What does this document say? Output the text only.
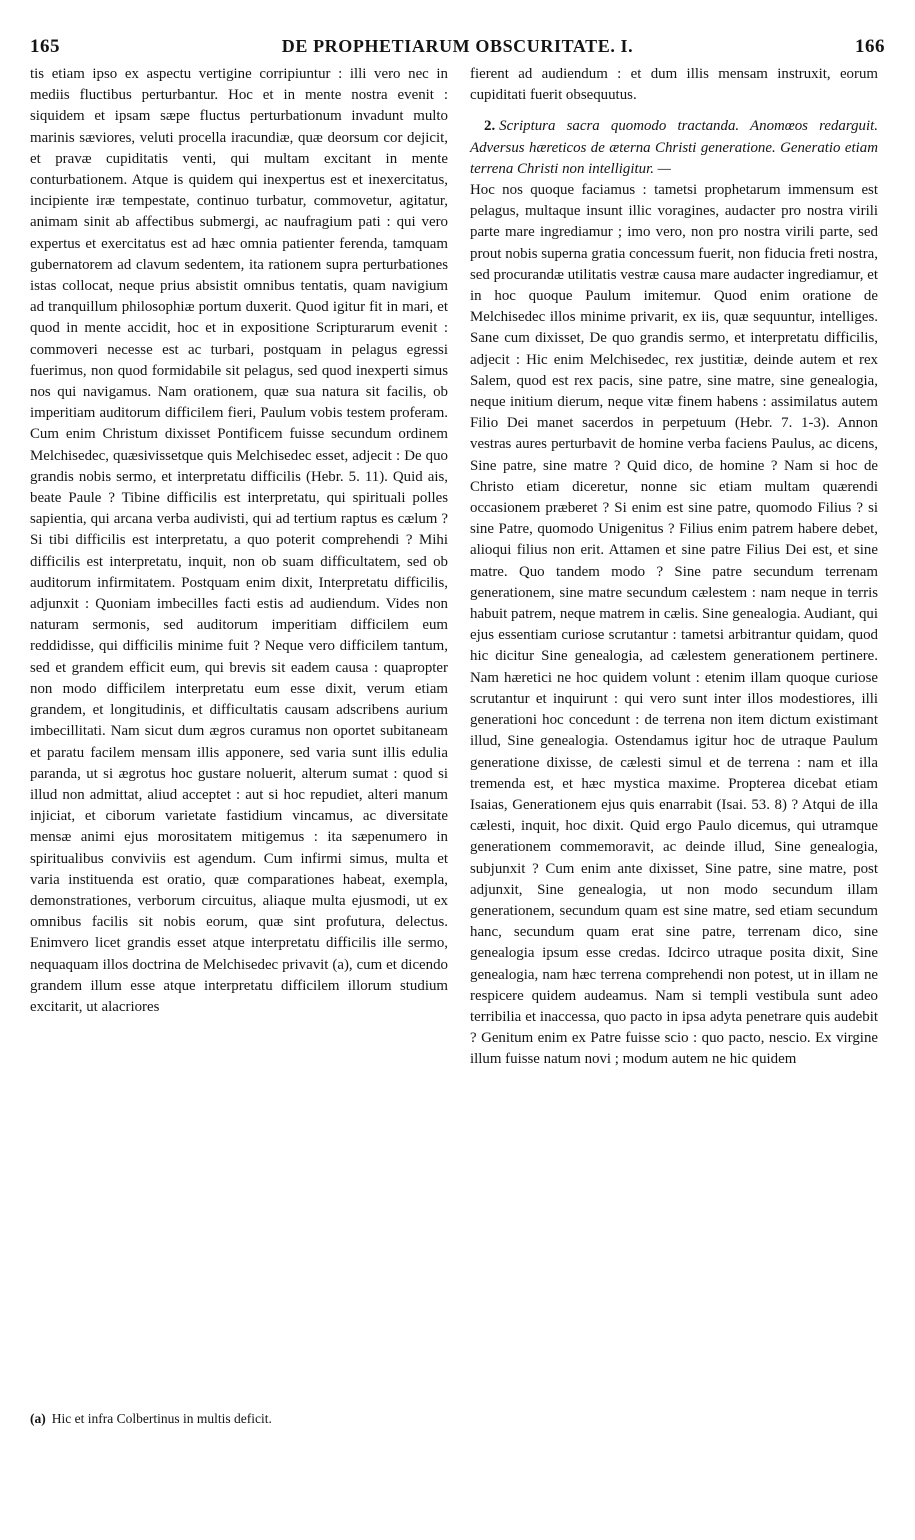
165	DE PROPHETIARUM OBSCURITATE. I.	166

tis etiam ipso ex aspectu vertigine corripiuntur : illi vero nec in mediis fluctibus perturbantur. Hoc et in mente nostra evenit : siquidem et ipsam sæpe fluctus perturbationum invadunt multo marinis sæviores, veluti procella iracundiæ, quæ deorsum cor dejicit, et pravæ cupiditatis venti, qui multam excitant in mente conturbationem. Atque is quidem qui inexpertus est et inexercitatus, incipiente iræ tempestate, continuo turbatur, commovetur, agitatur, animam sinit ab affectibus submergi, ac naufragium pati : qui vero expertus et exercitatus est ad hæc omnia patienter ferenda, tamquam gubernatorem ad clavum sedentem, ita rationem supra perturbationes istas collocat, neque prius absistit omnibus tentatis, quam navigium ad tranquillum philosophiæ portum duxerit. Quod igitur fit in mari, et quod in mente accidit, hoc et in expositione Scripturarum evenit : commoveri necesse est ac turbari, postquam in pelagus egressi fuerimus, non quod formidabile sit pelagus, sed quod inexperti simus nos qui navigamus. Nam orationem, quæ sua natura sit facilis, ob imperitiam auditorum difficilem fieri, Paulum vobis testem proferam. Cum enim Christum dixisset Pontificem fuisse secundum ordinem Melchisedec, quæsivissetque quis Melchisedec esset, adjecit : De quo grandis nobis sermo, et interpretatu difficilis (Hebr. 5. 11). Quid ais, beate Paule ? Tibine difficilis est interpretatu, qui spirituali polles sapientia, qui arcana verba audivisti, qui ad tertium raptus es cælum ? Si tibi difficilis est interpretatu, a quo poterit comprehendi ? Mihi difficilis est interpretatu, inquit, non ob suam difficultatem, sed ob auditorum infirmitatem. Postquam enim dixit, Interpretatu difficilis, adjunxit : Quoniam imbecilles facti estis ad audiendum. Vides non naturam sermonis, sed auditorum imperitiam difficilem eum reddidisse, qui difficilis minime fuit ? Neque vero difficilem tantum, sed et grandem efficit eum, qui brevis sit eadem causa : quapropter non modo difficilem interpretatu eum esse dixit, verum etiam grandem, et longitudinis, et difficultatis causam adscribens aurium imbecillitati. Nam sicut dum ægros curamus non oportet subitaneam et paratu facilem mensam illis apponere, sed varia sunt illis edulia paranda, ut si ægrotus hoc gustare noluerit, alterum sumat : quod si illud non admittat, aliud acceptet : aut si hoc repudiet, alteri manum injiciat, et ciborum varietate fastidium vincamus, ac diversitate mensæ animi ejus morositatem mitigemus : ita sæpenumero in spiritualibus conviviis est agendum. Cum infirmi simus, multa et varia instituenda est oratio, quæ comparationes habeat, exempla, demonstrationes, verborum circuitus, aliaque multa ejusmodi, ut ex omnibus facilis sit nobis eorum, quæ sint profutura, delectus. Enimvero licet grandis esset atque interpretatu difficilis ille sermo, nequaquam illos doctrina de Melchisedec privavit (a), cum et dicendo grandem illum esse atque interpretatu difficilem illorum studium excitarit, ut alacriores

(a) Hic et infra Colbertinus in multis deficit.

fierent ad audiendum : et dum illis mensam instruxit, eorum cupiditati fuerit obsequutus.

2. Scriptura sacra quomodo tractanda. Anomœos redarguit. Adversus hæreticos de æterna Christi generatione. Generatio etiam terrena Christi non intelligitur. —

Hoc nos quoque faciamus : tametsi prophetarum immensum est pelagus, multaque insunt illic voragines, audacter pro nostra virili parte mare ingrediamur ; imo vero, non pro nostra virili parte, sed prout nobis superna gratia concessum fuerit, non fiducia freti nostra, sed procurandæ utilitatis vestræ causa mare audacter ingrediamur, et in hoc quoque Paulum imitemur. Quod enim oratione de Melchisedec illos minime privarit, ex iis, quæ sequuntur, intelliges. Sane cum dixisset, De quo grandis sermo, et interpretatu difficilis, adjecit : Hic enim Melchisedec, rex justitiæ, deinde autem et rex Salem, quod est rex pacis, sine patre, sine matre, sine genealogia, neque initium dierum, neque vitæ finem habens : assimilatus autem Filio Dei manet sacerdos in perpetuum (Hebr. 7. 1-3). Annon vestras aures perturbavit de homine verba faciens Paulus, ac dicens, Sine patre, sine matre ? Quid dico, de homine ? Nam si hoc de Christo etiam diceretur, nonne sic etiam multam quærendi occasionem præberet ? Si enim est sine patre, quomodo Filius ? si sine Patre, quomodo Unigenitus ? Filius enim patrem habere debet, alioqui filius non erit. Attamen et sine patre Filius Dei est, et sine matre. Quo tandem modo ? Sine patre secundum terrenam generationem, sine matre secundum cælestem : nam neque in terris habuit patrem, neque matrem in cælis. Sine genealogia. Audiant, qui ejus essentiam curiose scrutantur : tametsi arbitrantur quidam, quod hic dicitur Sine genealogia, ad cælestem generationem pertinere. Nam hæretici ne hoc quidem volunt : etenim illam quoque curiose scrutantur et inquirunt : qui vero sunt inter illos modestiores, illi generationi hoc concedunt : de terrena non item dictum existimant illud, Sine genealogia. Ostendamus igitur hoc de utraque Paulum generatione dixisse, de cælesti simul et de terrena : nam et illa tremenda est, et hæc mystica maxime. Propterea dicebat etiam Isaias, Generationem ejus quis enarrabit (Isai. 53. 8) ? Atqui de illa cælesti, inquit, hoc dixit. Quid ergo Paulo dicemus, qui utramque generationem commemoravit, ac deinde illud, Sine genealogia, subjunxit ? Cum enim ante dixisset, Sine patre, sine matre, post adjunxit, Sine genealogia, ut non modo secundum illam generationem, secundum quam est sine matre, sed etiam secundum hanc, secundum quam erat sine patre, terrenam dico, sine genealogia ipsum esse credas. Idcirco utraque posita dixit, Sine genealogia, nam hæc terrena comprehendi non potest, ut in illam ne respicere quidem audeamus. Nam si templi vestibula sunt adeo terribilia et inaccessa, quo pacto in ipsa adyta penetrare quis audebit ? Genitum enim ex Patre fuisse scio : quo pacto, nescio. Ex virgine illum fuisse natum novi ; modum autem ne hic quidem
